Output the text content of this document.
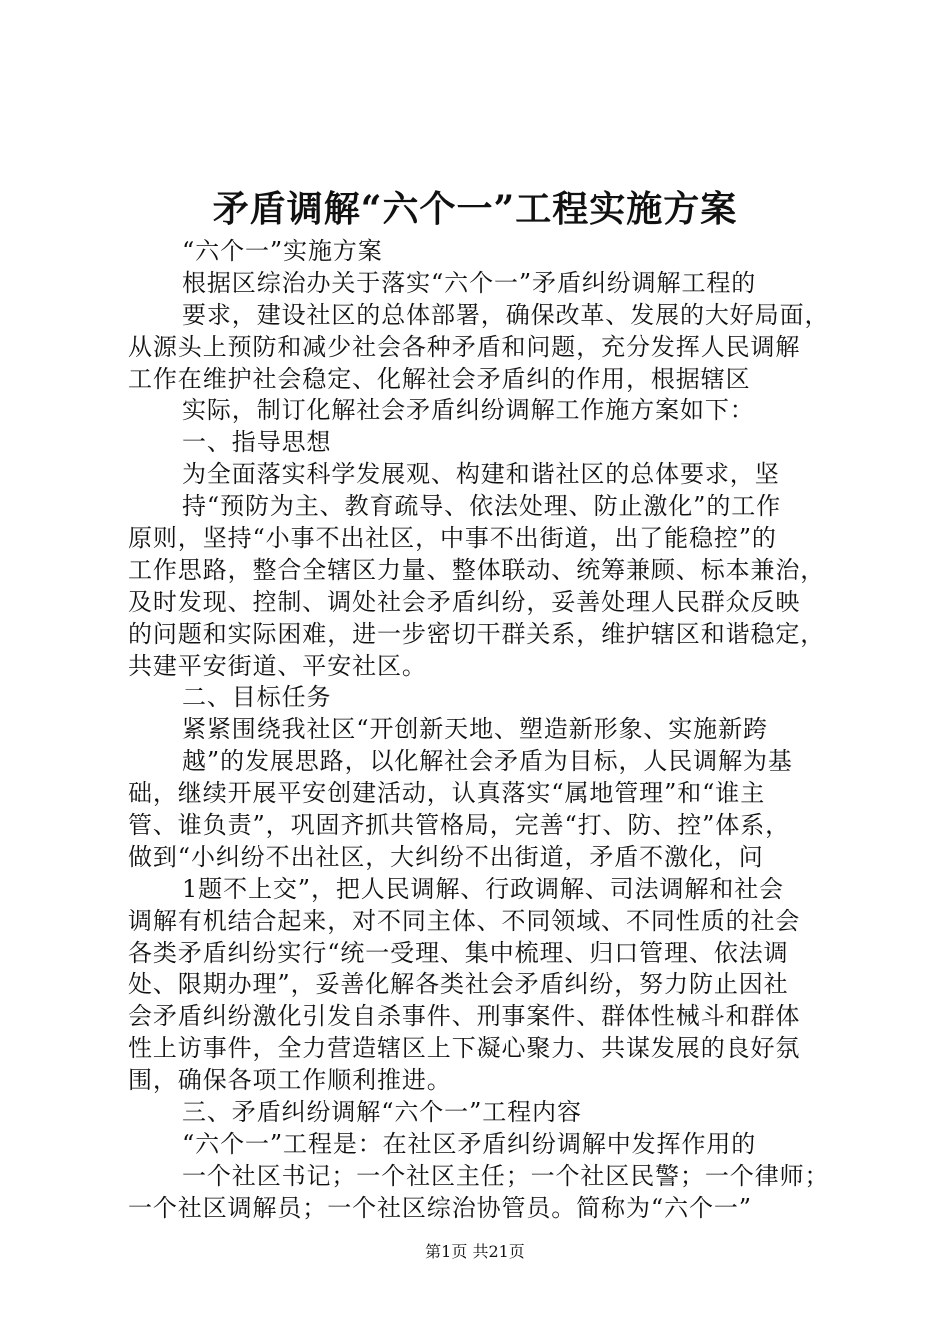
矛盾调解“六个一”工程实施方案
“六个一”实施方案
根据区综治办关于落实“六个一”矛盾纠纷调解工程的
要求，建设社区的总体部署，确保改革、发展的大好局面，
从源头上预防和减少社会各种矛盾和问题，充分发挥人民调解
工作在维护社会稳定、化解社会矛盾纠的作用，根据辖区
实际，制订化解社会矛盾纠纷调解工作施方案如下：
一、指导思想
为全面落实科学发展观、构建和谐社区的总体要求，坚
持“预防为主、教育疏导、依法处理、防止激化”的工作
原则，坚持“小事不出社区，中事不出街道，出了能稳控”的
工作思路，整合全辖区力量、整体联动、统筹兼顾、标本兼治，
及时发现、控制、调处社会矛盾纠纷，妥善处理人民群众反映
的问题和实际困难，进一步密切干群关系，维护辖区和谐稳定，
共建平安街道、平安社区。
二、目标任务
紧紧围绕我社区“开创新天地、塑造新形象、实施新跨
越”的发展思路，以化解社会矛盾为目标，人民调解为基
础，继续开展平安创建活动，认真落实“属地管理”和“谁主
管、谁负责”，巩固齐抓共管格局，完善“打、防、控”体系，
做到“小纠纷不出社区，大纠纷不出街道，矛盾不激化，问
1题不上交”，把人民调解、行政调解、司法调解和社会
调解有机结合起来，对不同主体、不同领域、不同性质的社会
各类矛盾纠纷实行“统一受理、集中梳理、归口管理、依法调
处、限期办理”，妥善化解各类社会矛盾纠纷，努力防止因社
会矛盾纠纷激化引发自杀事件、刑事案件、群体性械斗和群体
性上访事件，全力营造辖区上下凝心聚力、共谋发展的良好氛
围，确保各项工作顺利推进。
三、矛盾纠纷调解“六个一”工程内容
“六个一”工程是：在社区矛盾纠纷调解中发挥作用的
一个社区书记；一个社区主任；一个社区民警；一个律师；
一个社区调解员；一个社区综治协管员。简称为“六个一”
第1页 共21页
